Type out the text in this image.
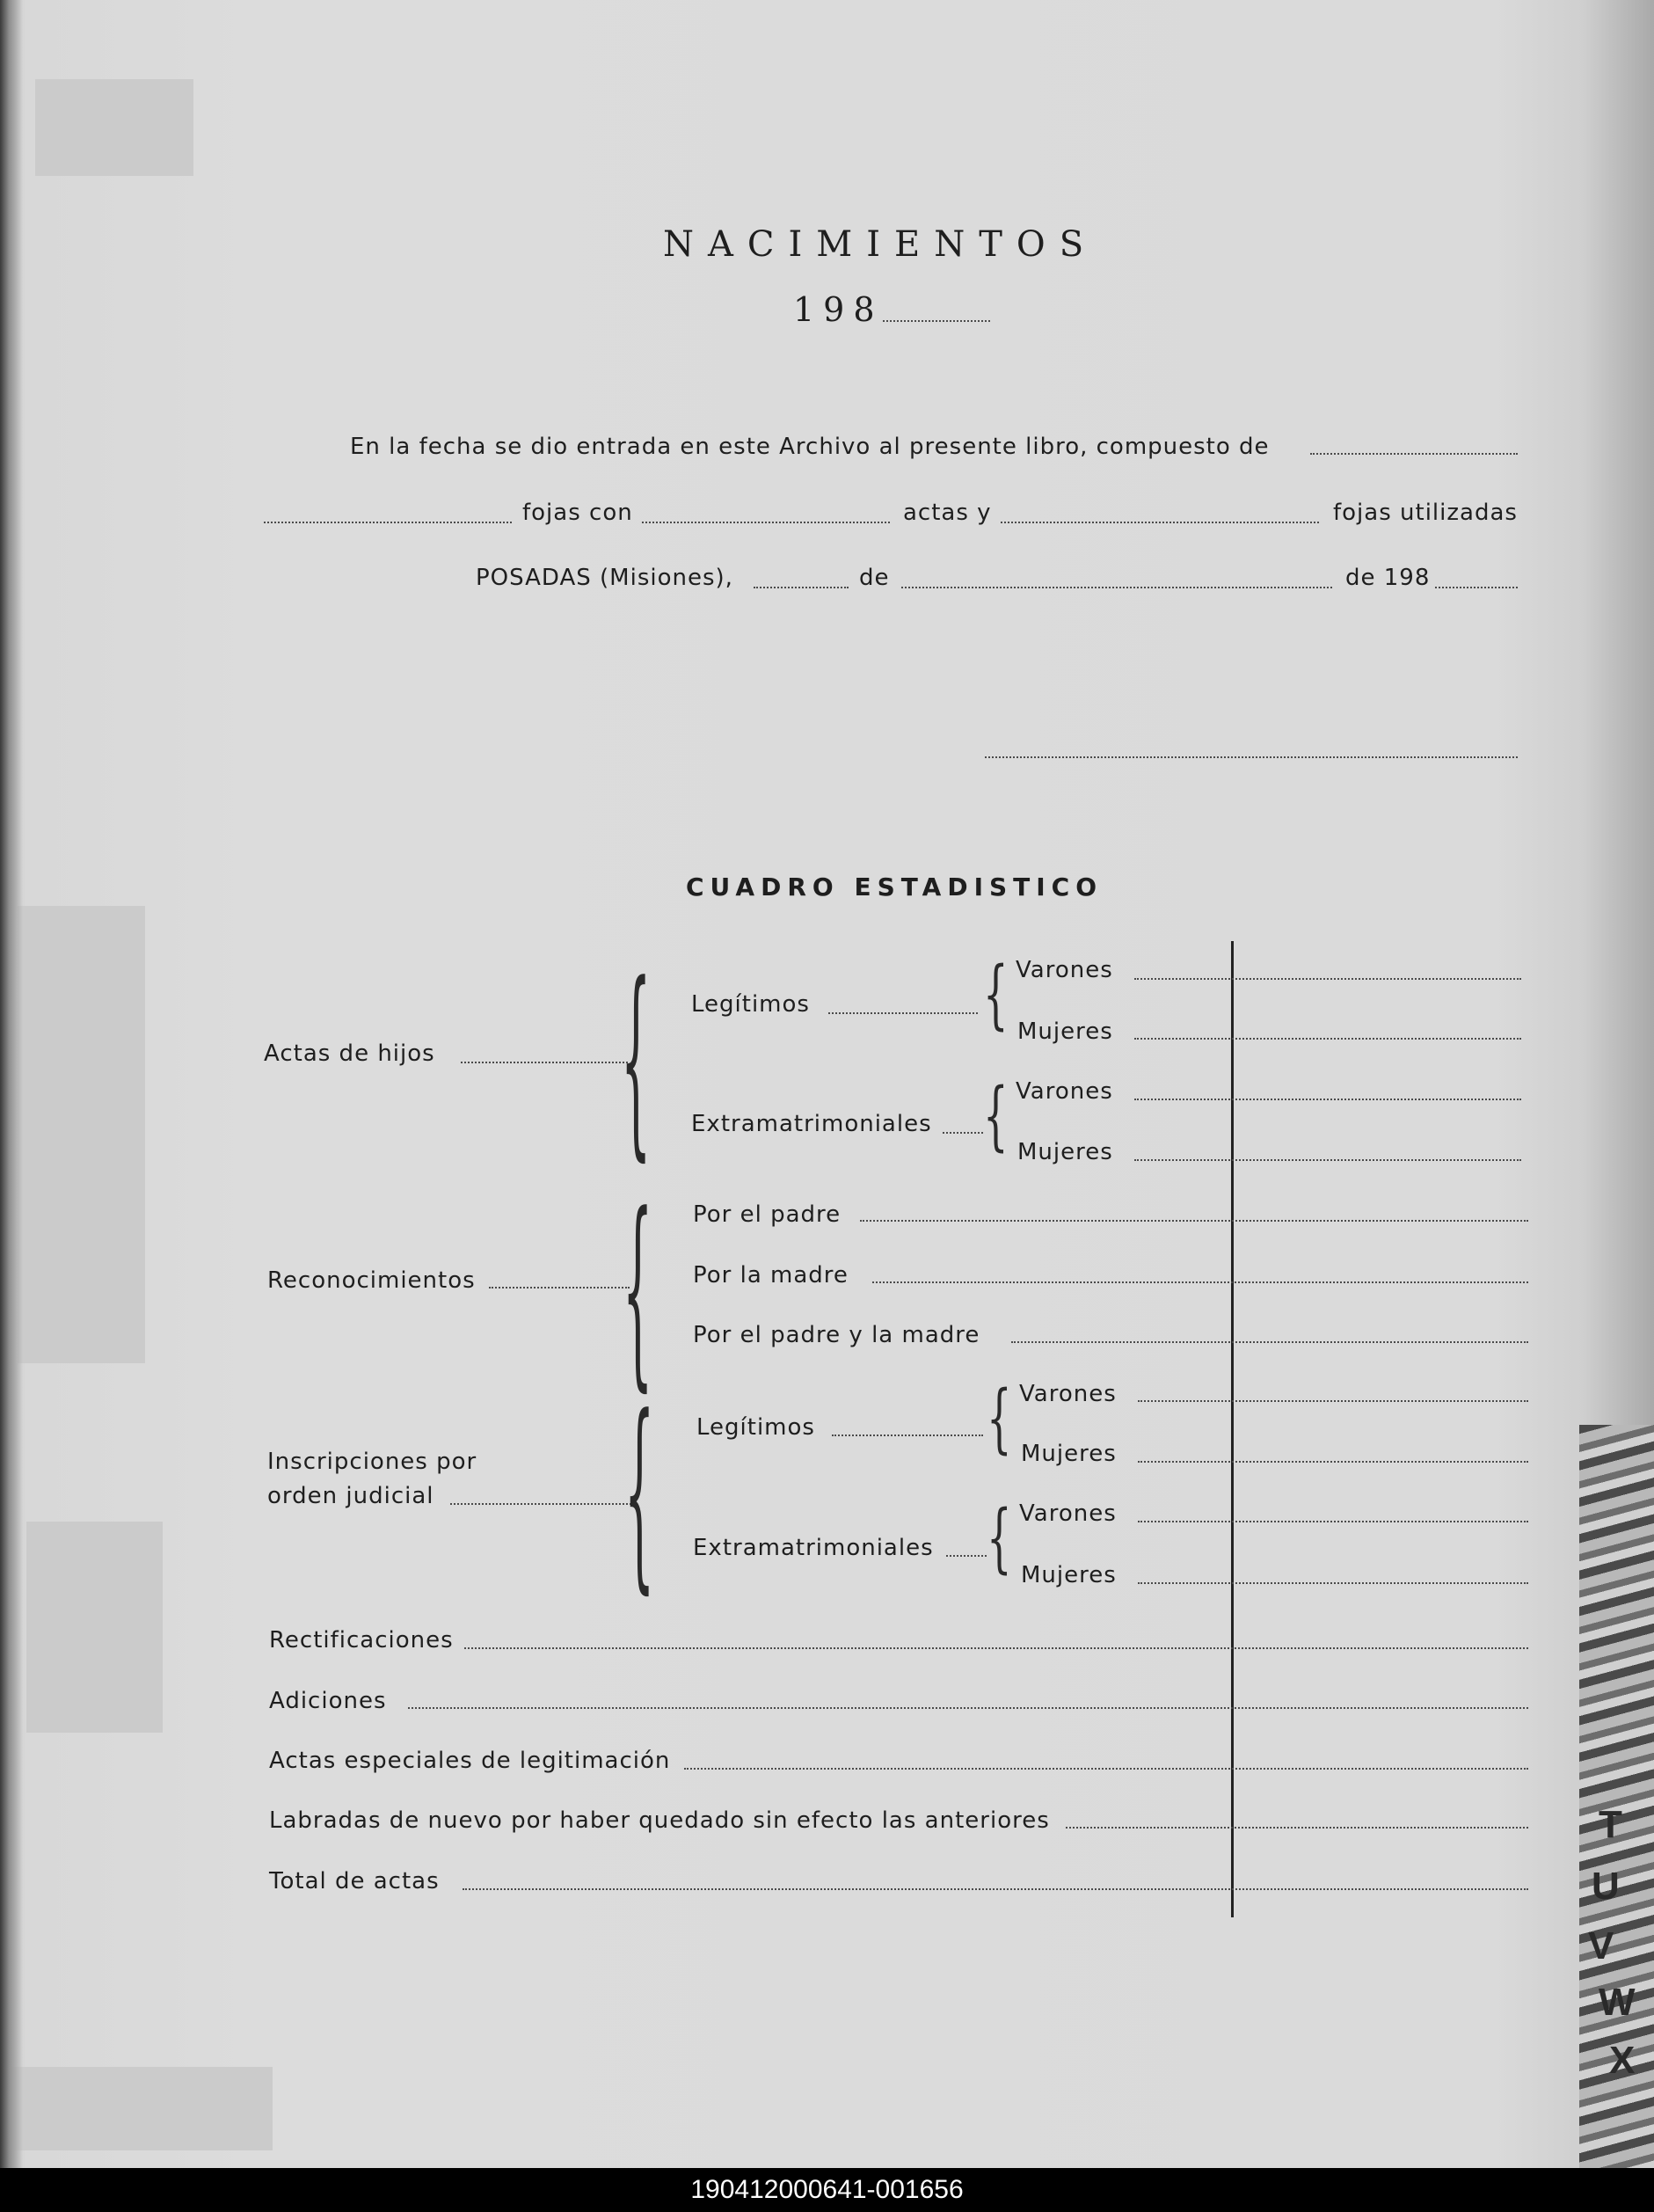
NACIMIENTOS
198
En la fecha se dio entrada en este Archivo al presente libro, compuesto de
fojas con	actas y	fojas utilizadas
POSADAS (Misiones),	de	de 198
CUADRO ESTADISTICO
Actas de hijos	{ Legítimos	{ Varones
Mujeres
Extramatrimoniales { Varones
Mujeres
Reconocimientos	{ Por el padre
Por la madre
Por el padre y la madre
Inscripciones por
orden judicial	{ Legítimos	{ Varones
Mujeres
Extramatrimoniales { Varones
Mujeres
Rectificaciones
Adiciones
Actas especiales de legitimación
Labradas de nuevo por haber quedado sin efecto las anteriores
Total de actas
T
U
V
W
X
190412000641-001656
